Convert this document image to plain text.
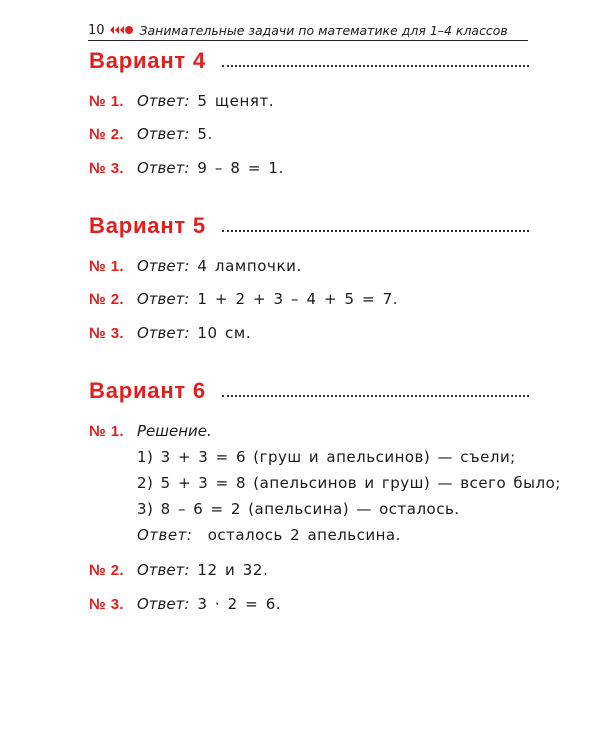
10	Занимательные задачи по математике для 1–4 классов
Вариант 4
№ 1. Ответ: 5 щенят.
№ 2. Ответ: 5.
№ 3. Ответ: 9 – 8 = 1.
Вариант 5
№ 1. Ответ: 4 лампочки.
№ 2. Ответ: 1 + 2 + 3 – 4 + 5 = 7.
№ 3. Ответ: 10 см.
Вариант 6
№ 1. Решение.
1) 3 + 3 = 6 (груш и апельсинов) — съели;
2) 5 + 3 = 8 (апельсинов и груш) — всего было;
3) 8 – 6 = 2 (апельсина) — осталось.
Ответ: осталось 2 апельсина.
№ 2. Ответ: 12 и 32.
№ 3. Ответ: 3 · 2 = 6.
